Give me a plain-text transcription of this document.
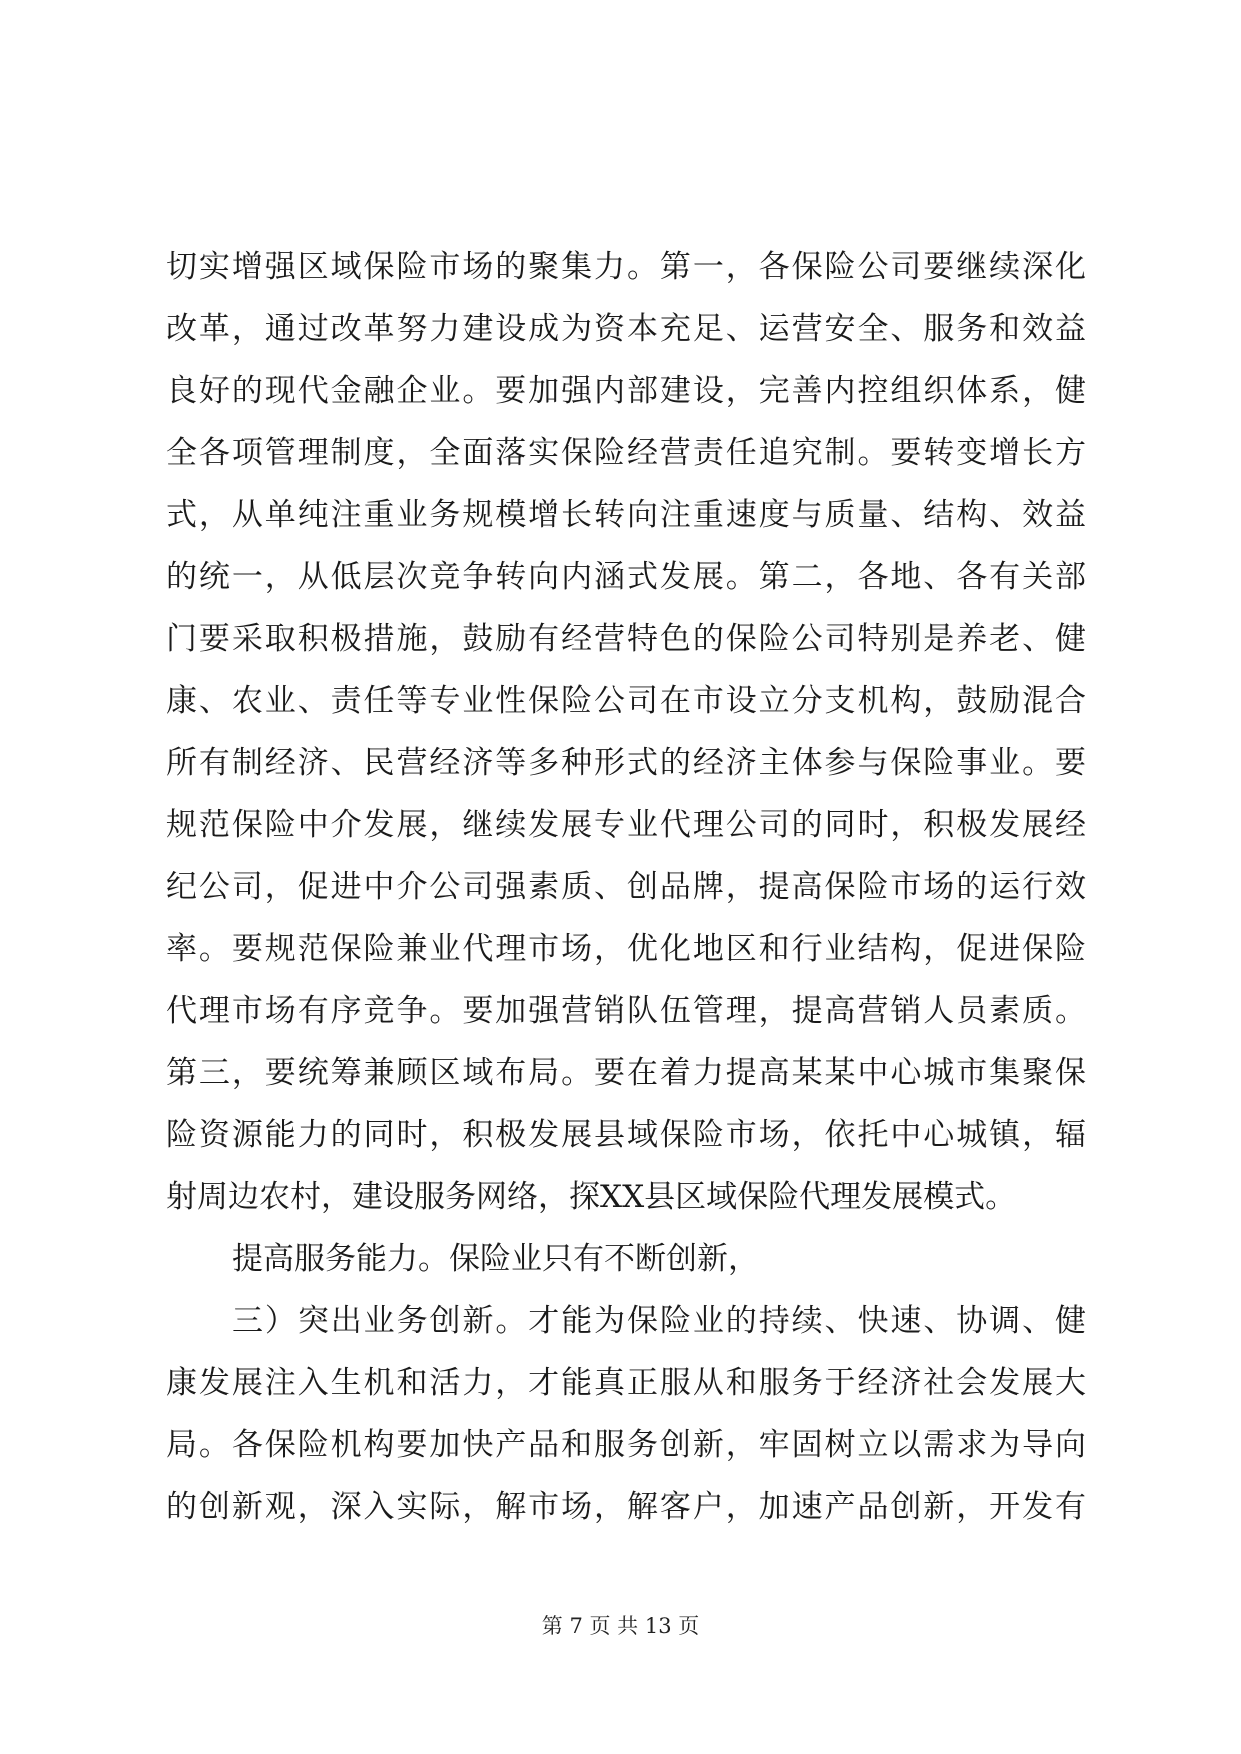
切实增强区域保险市场的聚集力。第一，各保险公司要继续深化
改革，通过改革努力建设成为资本充足、运营安全、服务和效益
良好的现代金融企业。要加强内部建设，完善内控组织体系，健
全各项管理制度，全面落实保险经营责任追究制。要转变增长方
式，从单纯注重业务规模增长转向注重速度与质量、结构、效益
的统一，从低层次竞争转向内涵式发展。第二，各地、各有关部
门要采取积极措施，鼓励有经营特色的保险公司特别是养老、健
康、农业、责任等专业性保险公司在市设立分支机构，鼓励混合
所有制经济、民营经济等多种形式的经济主体参与保险事业。要
规范保险中介发展，继续发展专业代理公司的同时，积极发展经
纪公司，促进中介公司强素质、创品牌，提高保险市场的运行效
率。要规范保险兼业代理市场，优化地区和行业结构，促进保险
代理市场有序竞争。要加强营销队伍管理，提高营销人员素质。
第三，要统筹兼顾区域布局。要在着力提高某某中心城市集聚保
险资源能力的同时，积极发展县域保险市场，依托中心城镇，辐
射周边农村，建设服务网络，探XX县区域保险代理发展模式。
提高服务能力。保险业只有不断创新，
三）突出业务创新。才能为保险业的持续、快速、协调、健
康发展注入生机和活力，才能真正服从和服务于经济社会发展大
局。各保险机构要加快产品和服务创新，牢固树立以需求为导向
的创新观，深入实际，解市场，解客户，加速产品创新，开发有
第 7 页 共 13 页
